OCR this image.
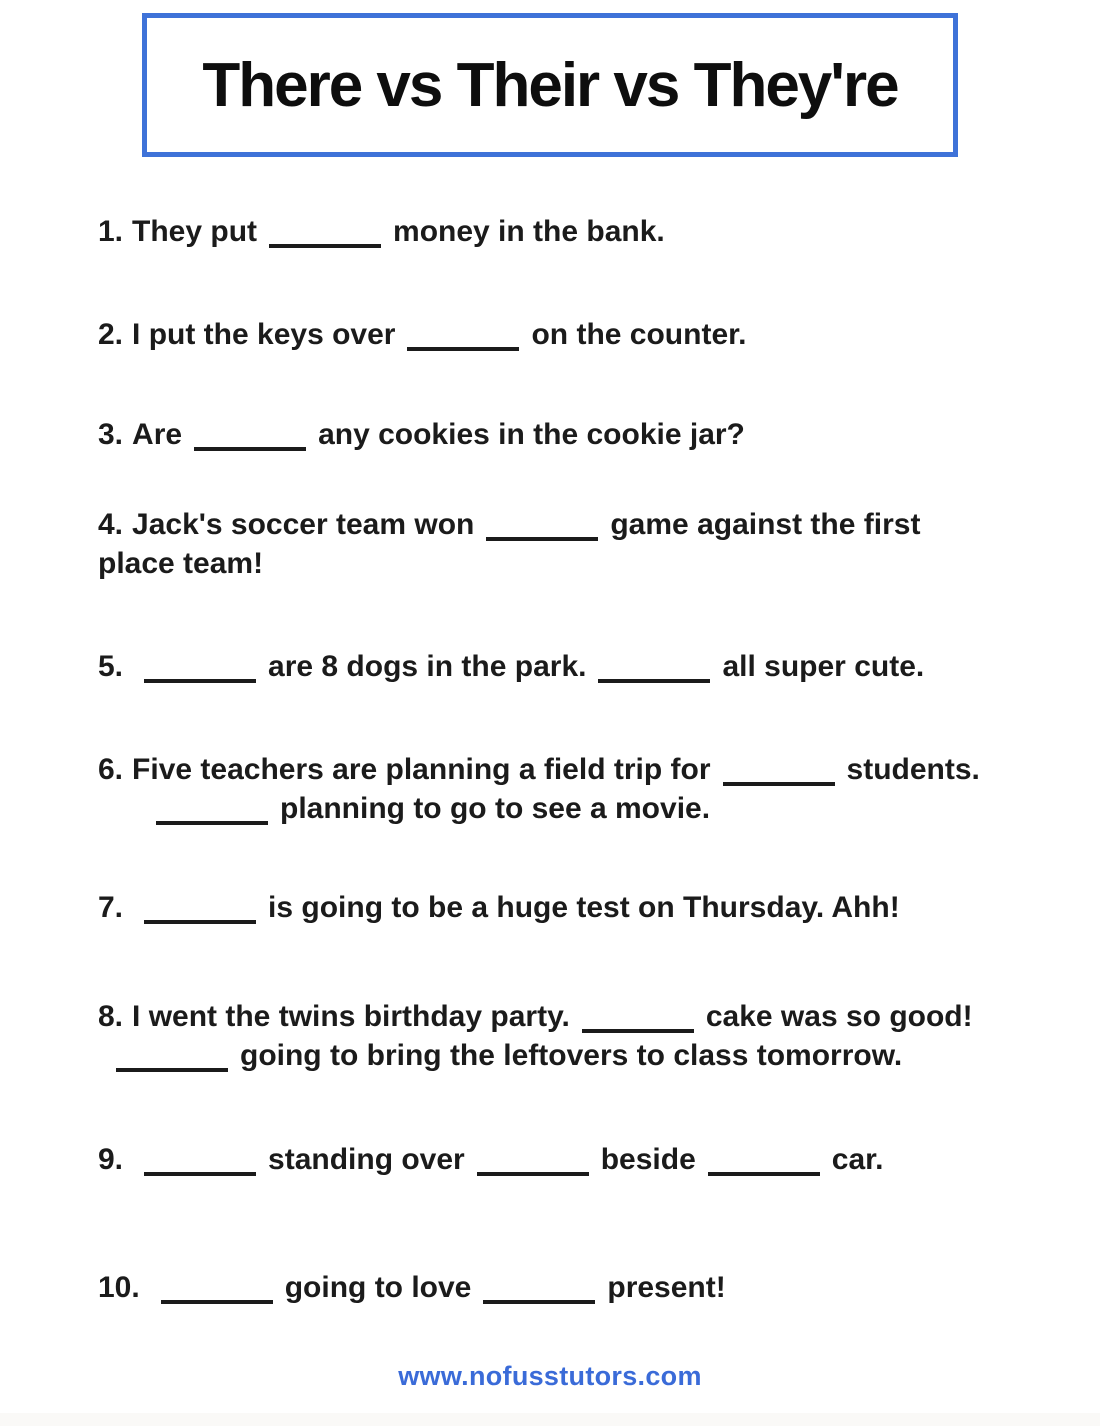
There vs Their vs They're
1. They put	money in the bank.
2. I put the keys over	on the counter.
3. Are	any cookies in the cookie jar?
4. Jack's soccer team won	game against the first
place team!
5.	are 8 dogs in the park.	all super cute.
6. Five teachers are planning a field trip for	students.
planning to go to see a movie.
7.	is going to be a huge test on Thursday. Ahh!
8. I went the twins birthday party.	cake was so good!
going to bring the leftovers to class tomorrow.
9.	standing over	beside	car.
10.	going to love	present!
www.nofusstutors.com
